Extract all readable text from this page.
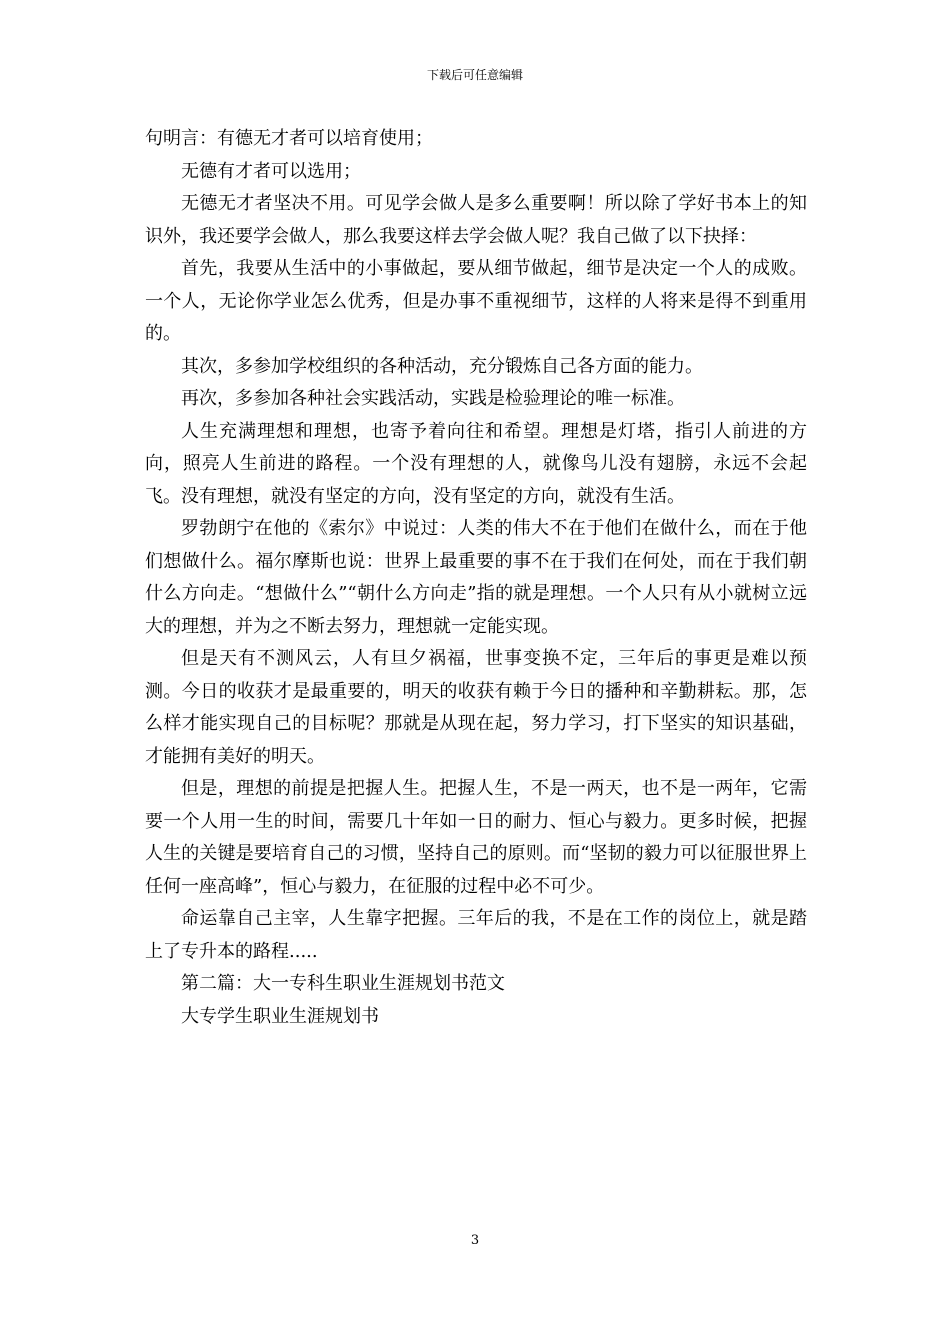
下载后可任意编辑

句明言：有德无才者可以培育使用；

无德有才者可以选用；

无德无才者坚决不用。可见学会做人是多么重要啊！所以除了学好书本上的知识外，我还要学会做人，那么我要这样去学会做人呢？我自己做了以下抉择：

首先，我要从生活中的小事做起，要从细节做起，细节是决定一个人的成败。一个人，无论你学业怎么优秀，但是办事不重视细节，这样的人将来是得不到重用的。

其次，多参加学校组织的各种活动，充分锻炼自己各方面的能力。

再次，多参加各种社会实践活动，实践是检验理论的唯一标准。

人生充满理想和理想，也寄予着向往和希望。理想是灯塔，指引人前进的方向，照亮人生前进的路程。一个没有理想的人，就像鸟儿没有翅膀，永远不会起飞。没有理想，就没有坚定的方向，没有坚定的方向，就没有生活。

罗勃朗宁在他的《索尔》中说过：人类的伟大不在于他们在做什么，而在于他们想做什么。福尔摩斯也说：世界上最重要的事不在于我们在何处，而在于我们朝什么方向走。“想做什么”“朝什么方向走”指的就是理想。一个人只有从小就树立远大的理想，并为之不断去努力，理想就一定能实现。

但是天有不测风云，人有旦夕祸福，世事变换不定，三年后的事更是难以预测。今日的收获才是最重要的，明天的收获有赖于今日的播种和辛勤耕耘。那，怎么样才能实现自己的目标呢？那就是从现在起，努力学习，打下坚实的知识基础，才能拥有美好的明天。

但是，理想的前提是把握人生。把握人生，不是一两天，也不是一两年，它需要一个人用一生的时间，需要几十年如一日的耐力、恒心与毅力。更多时候，把握人生的关键是要培育自己的习惯，坚持自己的原则。而“坚韧的毅力可以征服世界上任何一座高峰”，恒心与毅力，在征服的过程中必不可少。

命运靠自己主宰，人生靠字把握。三年后的我，不是在工作的岗位上，就是踏上了专升本的路程.....

第二篇：大一专科生职业生涯规划书范文

大专学生职业生涯规划书

3
